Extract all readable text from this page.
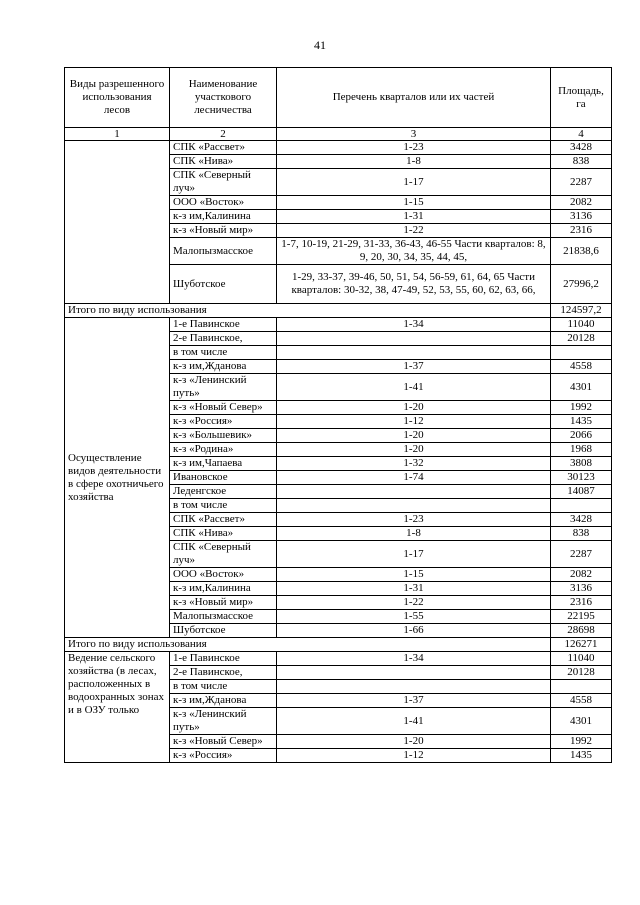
41
Виды разрешенного использования лесов	Наименование участкового лесничества	Перечень кварталов или их частей	Площадь, га
1	2	3	4
	СПК «Рассвет»	1-23	3428
	СПК «Нива»	1-8	838
	СПК «Северный луч»	1-17	2287
	ООО «Восток»	1-15	2082
	к-з им,Калинина	1-31	3136
	к-з «Новый мир»	1-22	2316
	Малопызмасское	1-7, 10-19, 21-29, 31-33, 36-43, 46-55 Части кварталов: 8, 9, 20, 30, 34, 35, 44, 45,	21838,6
	Шуботское	1-29, 33-37, 39-46, 50, 51, 54, 56-59, 61, 64, 65 Части кварталов: 30-32, 38, 47-49, 52, 53, 55, 60, 62, 63, 66,	27996,2
Итого по виду использования			124597,2
Осуществление видов деятельности в сфере охотничьего хозяйства	1-е Павинское	1-34	11040
	2-е Павинское,		20128
	в том числе		
	к-з им,Жданова	1-37	4558
	к-з «Ленинский путь»	1-41	4301
	к-з «Новый Север»	1-20	1992
	к-з «Россия»	1-12	1435
	к-з «Большевик»	1-20	2066
	к-з «Родина»	1-20	1968
	к-з им,Чапаева	1-32	3808
	Ивановское	1-74	30123
	Леденгское		14087
	в том числе		
	СПК «Рассвет»	1-23	3428
	СПК «Нива»	1-8	838
	СПК «Северный луч»	1-17	2287
	ООО «Восток»	1-15	2082
	к-з им,Калинина	1-31	3136
	к-з «Новый мир»	1-22	2316
	Малопызмасское	1-55	22195
	Шуботское	1-66	28698
Итого по виду использования			126271
Ведение сельского хозяйства (в лесах, расположенных в водоохранных зонах и в ОЗУ только	1-е Павинское	1-34	11040
	2-е Павинское,		20128
	в том числе		
	к-з им,Жданова	1-37	4558
	к-з «Ленинский путь»	1-41	4301
	к-з «Новый Север»	1-20	1992
	к-з «Россия»	1-12	1435
